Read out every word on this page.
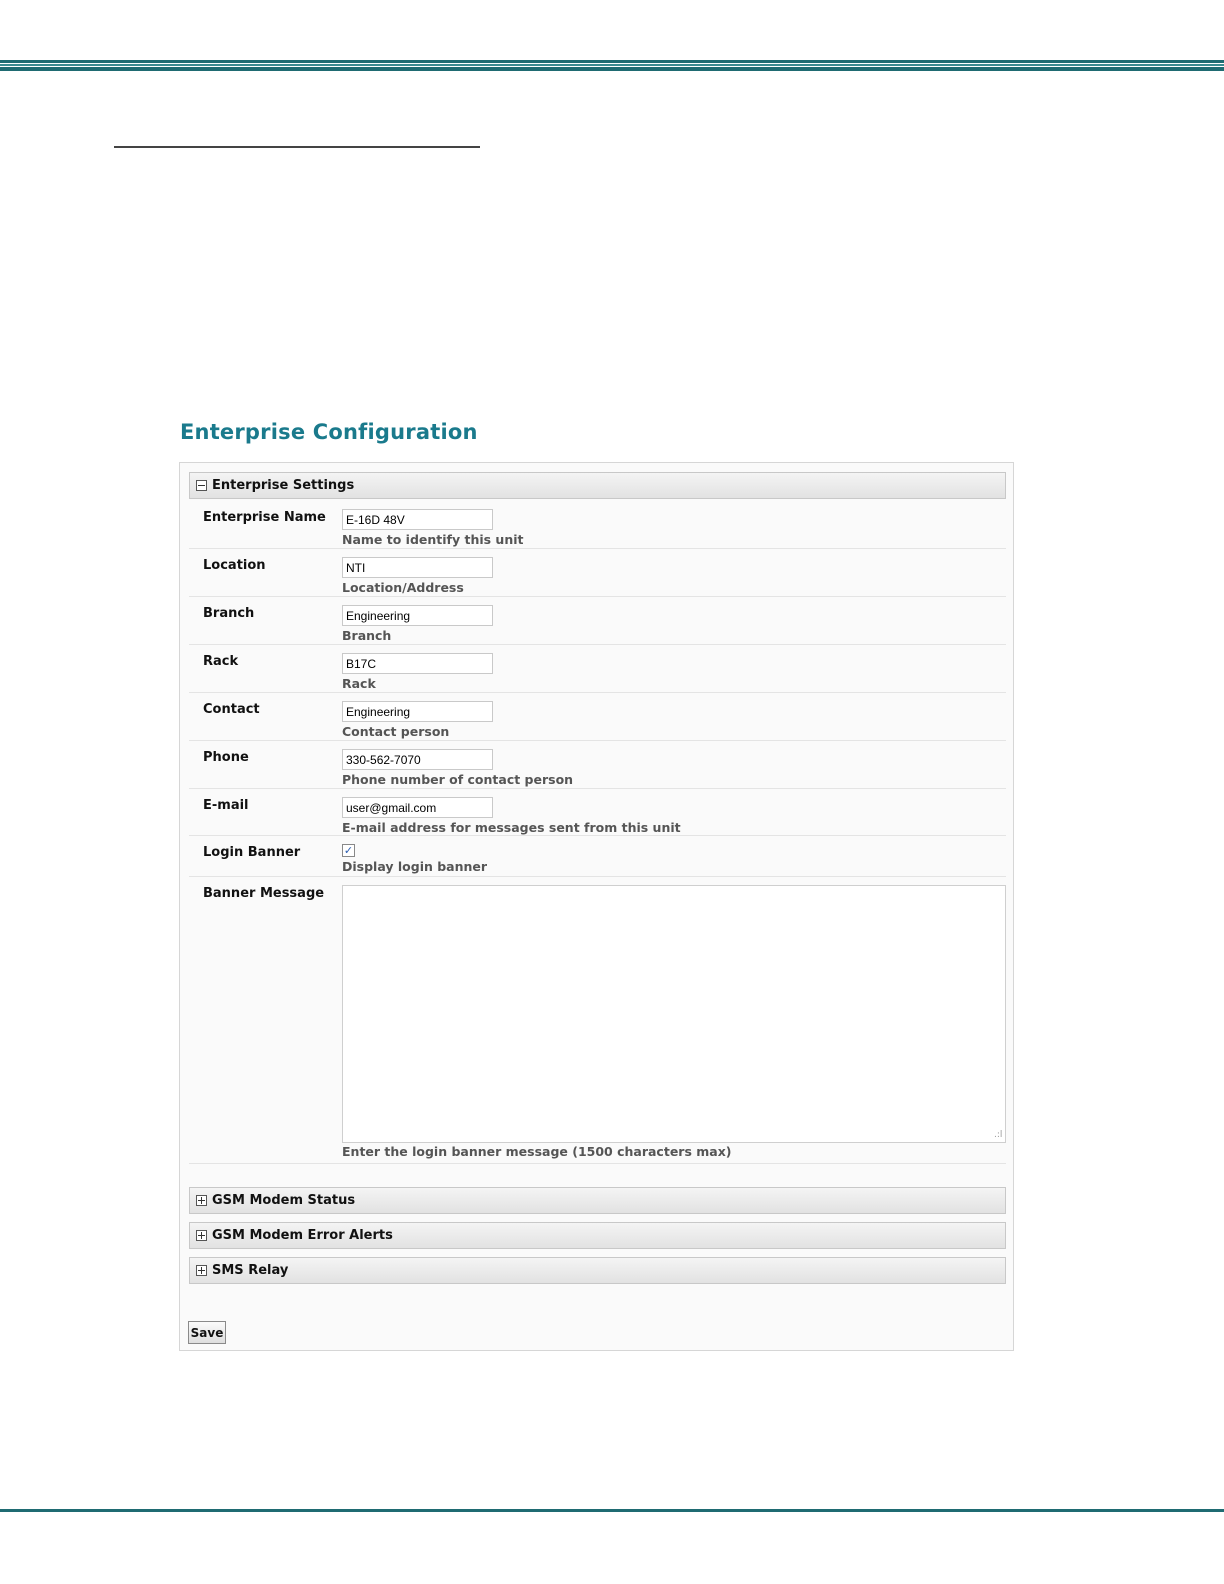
Enterprise Configuration
Enterprise Settings
Enterprise Name
E-16D 48V
Name to identify this unit
Location
NTI
Location/Address
Branch
Engineering
Branch
Rack
B17C
Rack
Contact
Engineering
Contact person
Phone
330-562-7070
Phone number of contact person
E-mail
user@gmail.com
E-mail address for messages sent from this unit
Login Banner	✓
Display login banner
Banner Message
.:l
Enter the login banner message (1500 characters max)
GSM Modem Status
GSM Modem Error Alerts
SMS Relay
Save
